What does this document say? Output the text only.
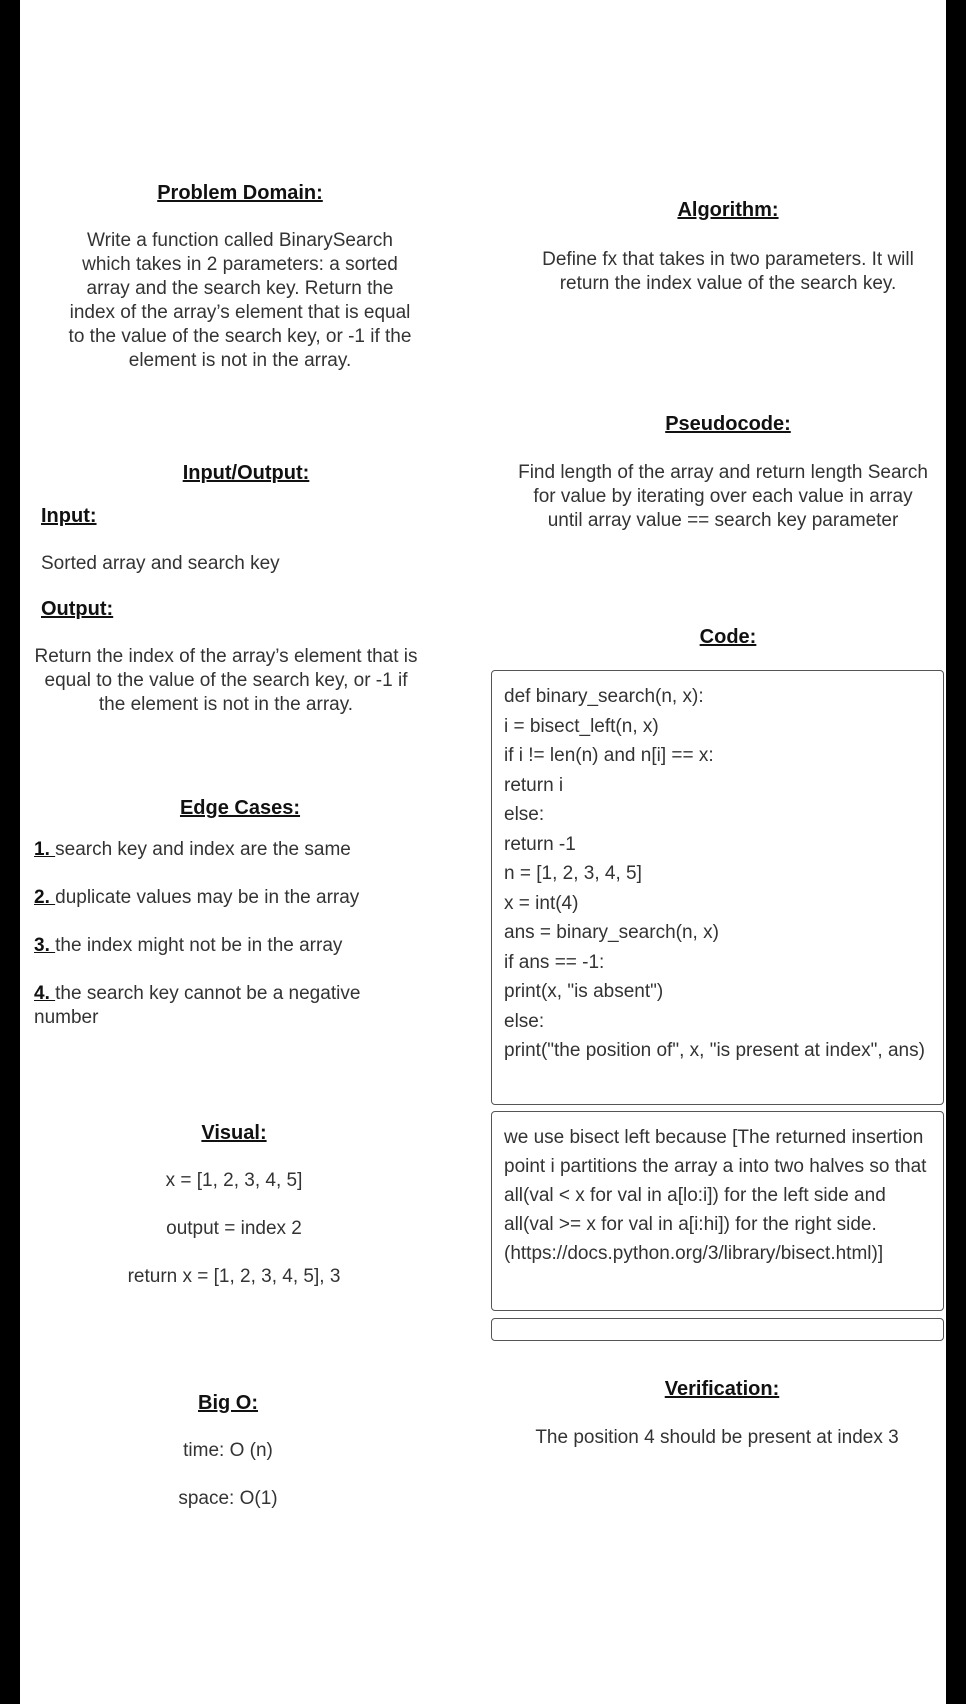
Problem Domain:
Write a function called BinarySearch which takes in 2 parameters: a sorted array and the search key. Return the index of the array’s element that is equal to the value of the search key, or -1 if the element is not in the array.
Algorithm:
Define fx that takes in two parameters. It will return the index value of the search key.
Pseudocode:
Find length of the array and return length Search for value by iterating over each value in array until array value == search key parameter
Input/Output:
Input:
Sorted array and search key
Output:
Return the index of the array’s element that is equal to the value of the search key, or -1 if the element is not in the array.
Code:
def binary_search(n, x):
i = bisect_left(n, x)
if i != len(n) and n[i] == x:
return i
else:
return -1
n = [1, 2, 3, 4, 5]
x = int(4)
ans = binary_search(n, x)
if ans == -1:
print(x, "is absent")
else:
print("the position of", x, "is present at index", ans)
we use bisect left because [The returned insertion point i partitions the array a into two halves so that all(val < x for val in a[lo:i]) for the left side and all(val >= x for val in a[i:hi]) for the right side. (https://docs.python.org/3/library/bisect.html)]
Edge Cases:
1. search key and index are the same
2. duplicate values may be in the array
3. the index might not be in the array
4. the search key cannot be a negative number
Visual:
x = [1, 2, 3, 4, 5]
output = index 2
return x = [1, 2, 3, 4, 5], 3
Verification:
The position 4 should be present at index 3
Big O:
time: O (n)
space: O(1)
